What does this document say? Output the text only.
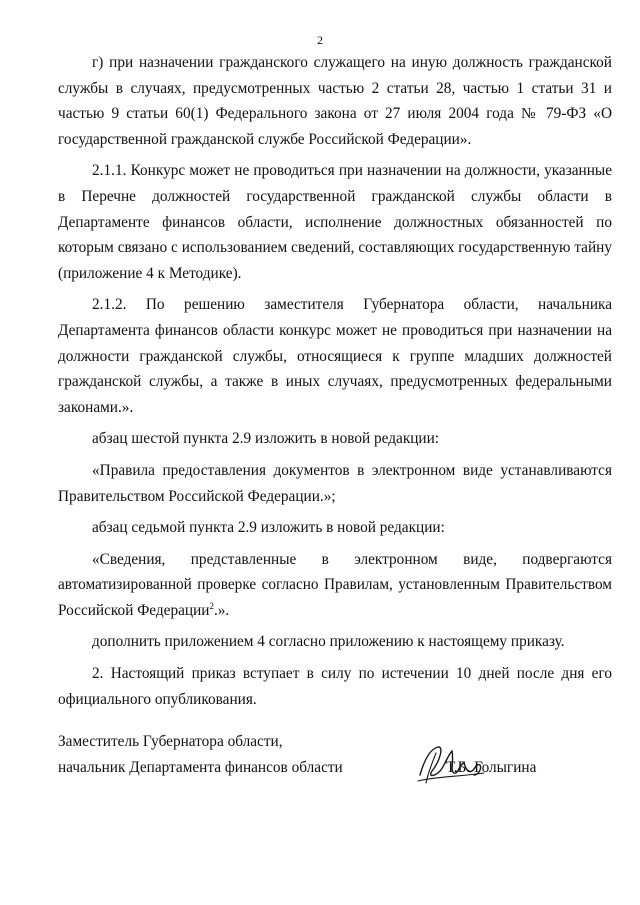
2

г) при назначении гражданского служащего на иную должность гражданской службы в случаях, предусмотренных частью 2 статьи 28, частью 1 статьи 31 и частью 9 статьи 60(1) Федерального закона от 27 июля 2004 года № 79-ФЗ «О государственной гражданской службе Российской Федерации».

2.1.1. Конкурс может не проводиться при назначении на должности, указанные в Перечне должностей государственной гражданской службы области в Департаменте финансов области, исполнение должностных обязанностей по которым связано с использованием сведений, составляющих государственную тайну (приложение 4 к Методике).

2.1.2. По решению заместителя Губернатора области, начальника Департамента финансов области конкурс может не проводиться при назначении на должности гражданской службы, относящиеся к группе младших должностей гражданской службы, а также в иных случаях, предусмотренных федеральными законами.».

абзац шестой пункта 2.9 изложить в новой редакции:

«Правила предоставления документов в электронном виде устанавливаются Правительством Российской Федерации.»;

абзац седьмой пункта 2.9 изложить в новой редакции:

«Сведения, представленные в электронном виде, подвергаются автоматизированной проверке согласно Правилам, установленным Правительством Российской Федерации$^2$.».

дополнить приложением 4 согласно приложению к настоящему приказу.

2. Настоящий приказ вступает в силу по истечении 10 дней после дня его официального опубликования.

Заместитель Губернатора области,
начальник Департамента финансов области	Т.Б. Голыгина
